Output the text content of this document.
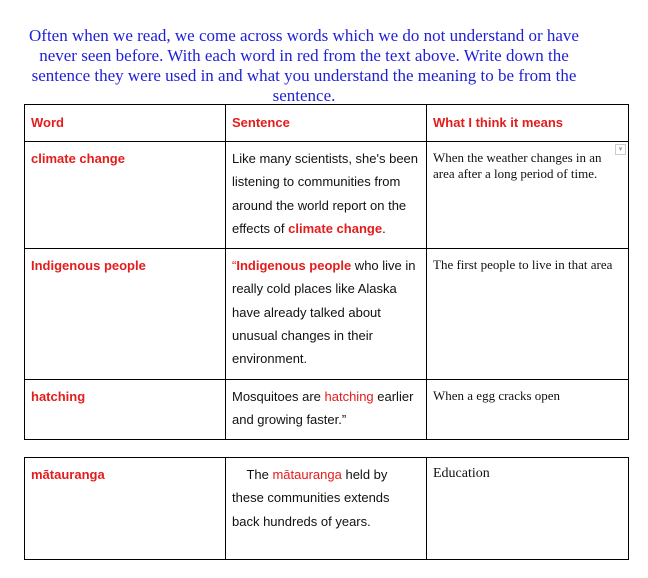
Often when we read, we come across words which we do not understand or have never seen before. With each word in red from the text above. Write down the sentence they were used in and what you understand the meaning to be from the sentence.
Word	Sentence	What I think it means
climate change	Like many scientists, she's been listening to communities from around the world report on the effects of climate change.	When the weather changes in an area after a long period of time.
▾

Indigenous people	“Indigenous people who live in really cold places like Alaska have already talked about unusual changes in their environment.	The first people to live in that area
hatching	Mosquitoes are hatching earlier and growing faster.”	When a egg cracks open
mātauranga	The mātauranga held by these communities extends back hundreds of years.	Education
